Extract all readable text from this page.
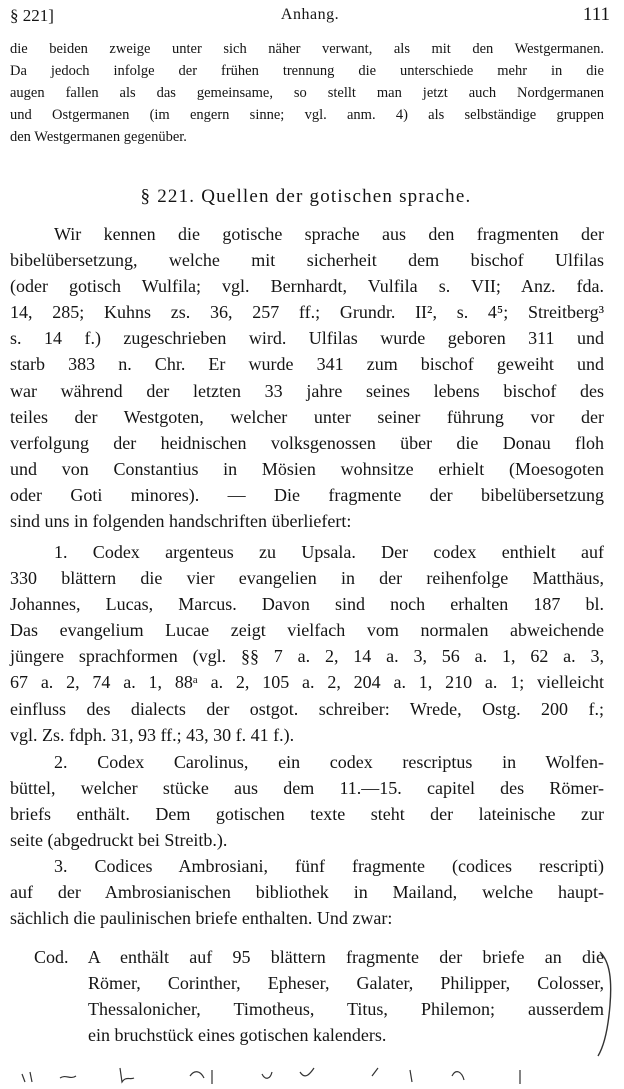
§ 221]	Anhang.	111
die beiden zweige unter sich näher verwant, als mit den Westgermanen.
Da jedoch infolge der frühen trennung die unterschiede mehr in die
augen fallen als das gemeinsame, so stellt man jetzt auch Nordgermanen
und Ostgermanen (im engern sinne; vgl. anm. 4) als selbständige gruppen
den Westgermanen gegenüber.
§ 221. Quellen der gotischen sprache.
Wir kennen die gotische sprache aus den fragmenten der
bibelübersetzung, welche mit sicherheit dem bischof Ulfilas
(oder gotisch Wulfila; vgl. Bernhardt, Vulfila s. VII; Anz. fda.
14, 285; Kuhns zs. 36, 257 ff.; Grundr. II², s. 4⁵; Streitberg³
s. 14 f.) zugeschrieben wird. Ulfilas wurde geboren 311 und
starb 383 n. Chr. Er wurde 341 zum bischof geweiht und
war während der letzten 33 jahre seines lebens bischof des
teiles der Westgoten, welcher unter seiner führung vor der
verfolgung der heidnischen volksgenossen über die Donau floh
und von Constantius in Mösien wohnsitze erhielt (Moesogoten
oder Goti minores). — Die fragmente der bibelübersetzung
sind uns in folgenden handschriften überliefert:
1. Codex argenteus zu Upsala. Der codex enthielt auf
330 blättern die vier evangelien in der reihenfolge Matthäus,
Johannes, Lucas, Marcus. Davon sind noch erhalten 187 bl.
Das evangelium Lucae zeigt vielfach vom normalen abweichende
jüngere sprachformen (vgl. §§ 7 a. 2, 14 a. 3, 56 a. 1, 62 a. 3,
67 a. 2, 74 a. 1, 88ᵃ a. 2, 105 a. 2, 204 a. 1, 210 a. 1; vielleicht
einfluss des dialects der ostgot. schreiber: Wrede, Ostg. 200 f.;
vgl. Zs. fdph. 31, 93 ff.; 43, 30 f. 41 f.).
2. Codex Carolinus, ein codex rescriptus in Wolfen-
büttel, welcher stücke aus dem 11.—15. capitel des Römer-
briefs enthält. Dem gotischen texte steht der lateinische zur
seite (abgedruckt bei Streitb.).
3. Codices Ambrosiani, fünf fragmente (codices rescripti)
auf der Ambrosianischen bibliothek in Mailand, welche haupt-
sächlich die paulinischen briefe enthalten. Und zwar:
Cod. A enthält auf 95 blättern fragmente der briefe an die
Römer, Corinther, Epheser, Galater, Philipper, Colosser,
Thessalonicher, Timotheus, Titus, Philemon; ausserdem
ein bruchstück eines gotischen kalenders.
